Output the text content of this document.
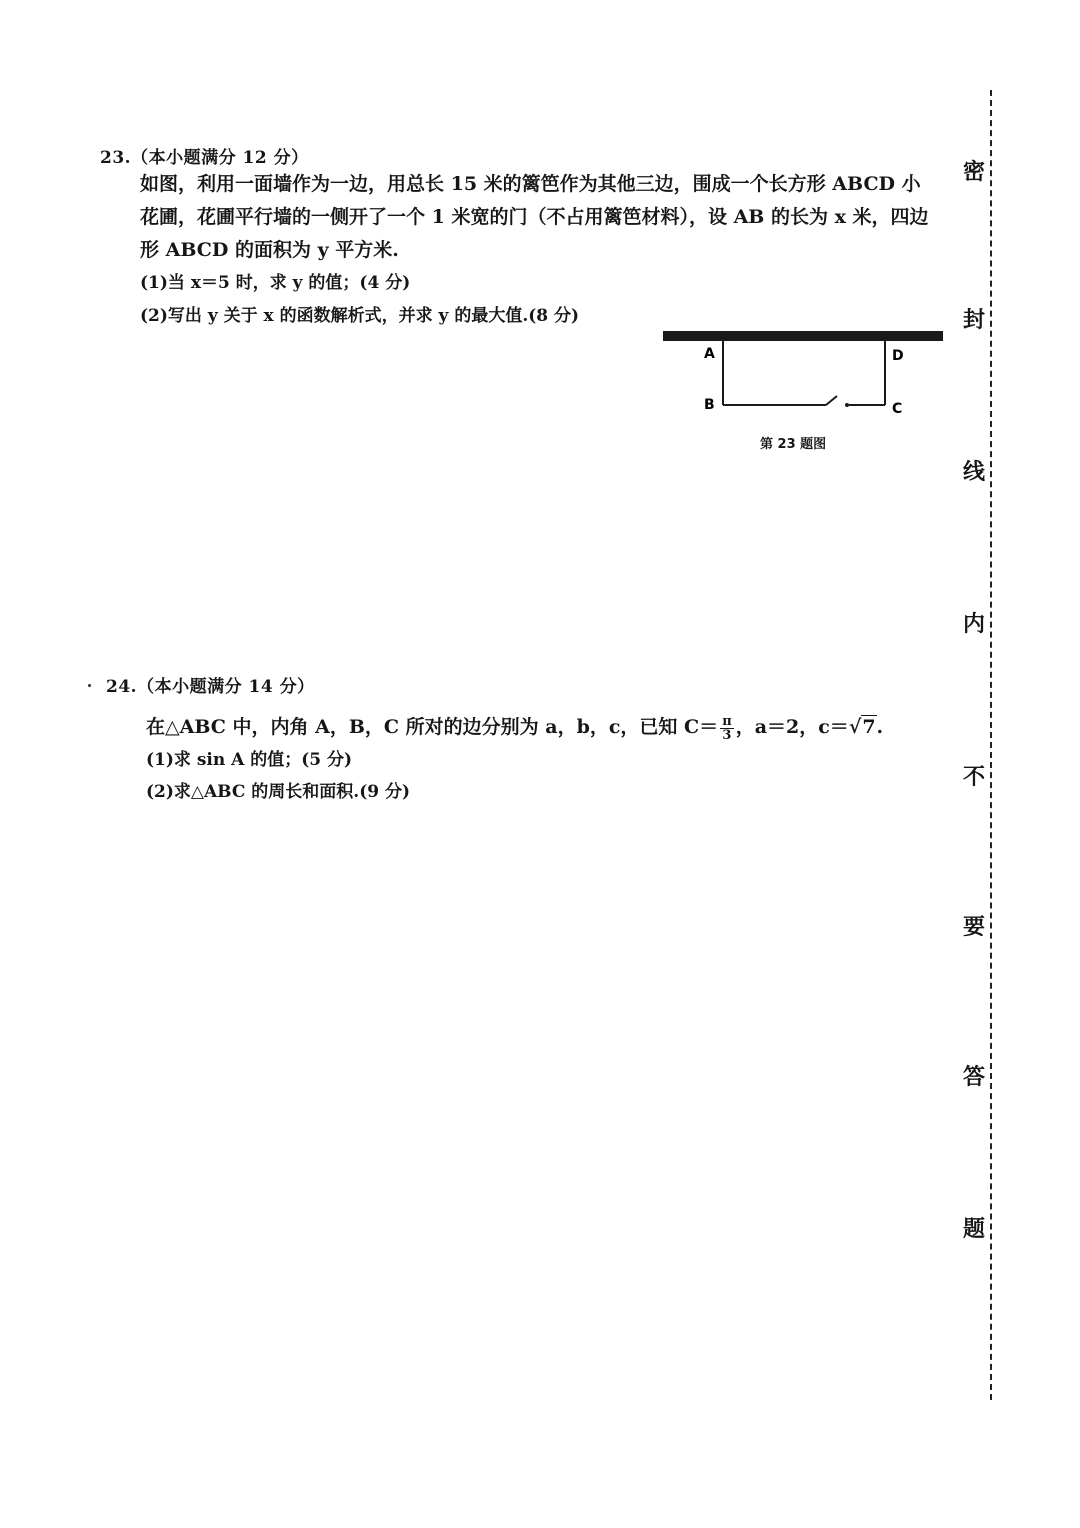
23.（本小题满分 12 分）

如图，利用一面墙作为一边，用总长 15 米的篱笆作为其他三边，围成一个长方形 ABCD 小

花圃，花圃平行墙的一侧开了一个 1 米宽的门（不占用篱笆材料），设 AB 的长为 x 米，四边

形 ABCD 的面积为 y 平方米.

(1)当 x＝5 时，求 y 的值；(4 分)

(2)写出 y 关于 x 的函数解析式，并求 y 的最大值.(8 分)

A	D
B	C
第 23 题图
24.（本小题满分 14 分）

在△ABC 中，内角 A，B，C 所对的边分别为 a，b，c，已知 $C= \frac{\pi}{3}$ ，a＝2，c＝√7.

(1)求 sin A 的值；(5 分)

(2)求△ABC 的周长和面积.(9 分)

密
封
线
内
不
要
答
题
